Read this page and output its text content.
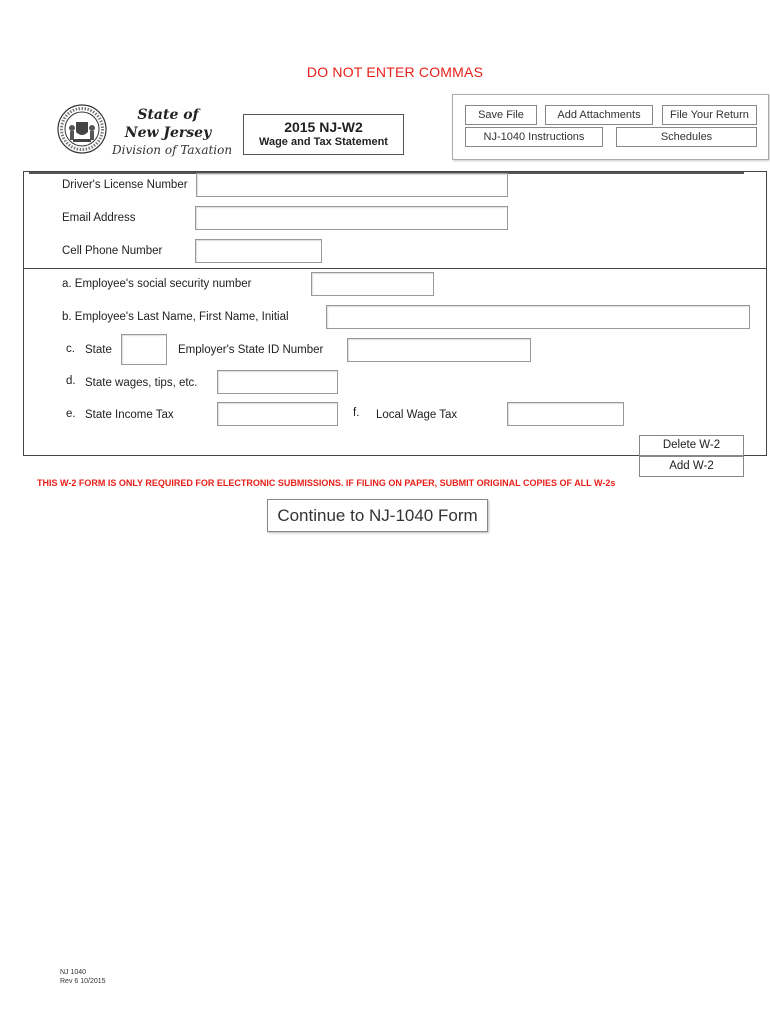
DO NOT ENTER COMMAS
State of
New Jersey
Division of Taxation
2015 NJ-W2
Wage and Tax Statement
Save File	Add Attachments	File Your Return
NJ-1040 Instructions	Schedules
Driver's License Number
Email Address
Cell Phone Number
a. Employee's social security number
b. Employee's Last Name, First Name, Initial
c. State	Employer's State ID Number
d. State wages, tips, etc.
e. State Income Tax	f. Local Wage Tax
Delete W-2
Add W-2
THIS W-2 FORM IS ONLY REQUIRED FOR ELECTRONIC SUBMISSIONS. IF FILING ON PAPER, SUBMIT ORIGINAL COPIES OF ALL W-2s
Continue to NJ-1040 Form
NJ 1040
Rev 6 10/2015
